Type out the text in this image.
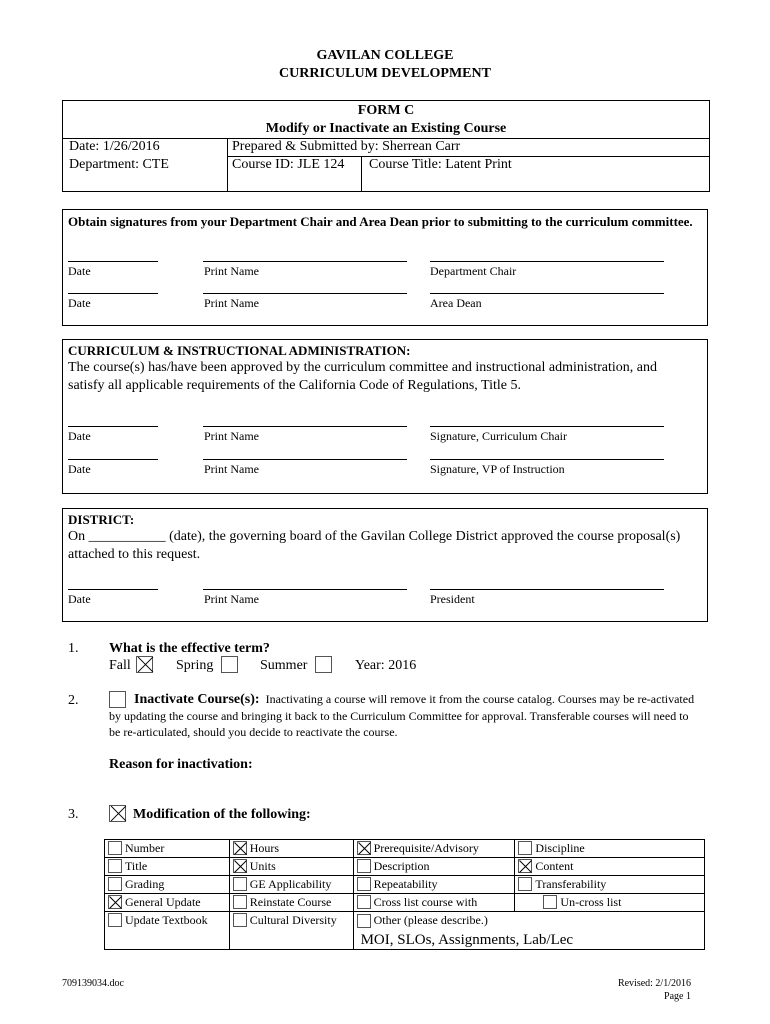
GAVILAN COLLEGE
CURRICULUM DEVELOPMENT
FORM C
Modify or Inactivate an Existing Course
Date: 1/26/2016
Department: CTE
Prepared & Submitted by: Sherrean Carr
Course ID: JLE 124	Course Title: Latent Print
Obtain signatures from your Department Chair and Area Dean prior to submitting to the curriculum committee.
Date	Print Name	Department Chair
Date	Print Name	Area Dean
CURRICULUM & INSTRUCTIONAL ADMINISTRATION:
The course(s) has/have been approved by the curriculum committee and instructional administration, and satisfy all applicable requirements of the California Code of Regulations, Title 5.
Date	Print Name	Signature, Curriculum Chair
Date	Print Name	Signature, VP of Instruction
DISTRICT:
On ___________ (date), the governing board of the Gavilan College District approved the course proposal(s) attached to this request.
Date	Print Name	President
1. What is the effective term?
Fall	Spring	Summer	Year: 2016
2.	Inactivate Course(s): Inactivating a course will remove it from the course catalog. Courses may be re-activated by updating the course and bringing it back to the Curriculum Committee for approval. Transferable courses will need to be re-articulated, should you decide to reactivate the course.
Reason for inactivation:
3.	Modification of the following:
Number	Hours	Prerequisite/Advisory	Discipline

Title	Units	Description	Content

Grading	GE Applicability	Repeatability	Transferability

General Update	Reinstate Course	Cross list course with	Un-cross list

Update Textbook	Cultural Diversity	Other (please describe.)
MOI, SLOs, Assignments, Lab/Lec	
709139034.doc	Revised: 2/1/2016
Page 1
